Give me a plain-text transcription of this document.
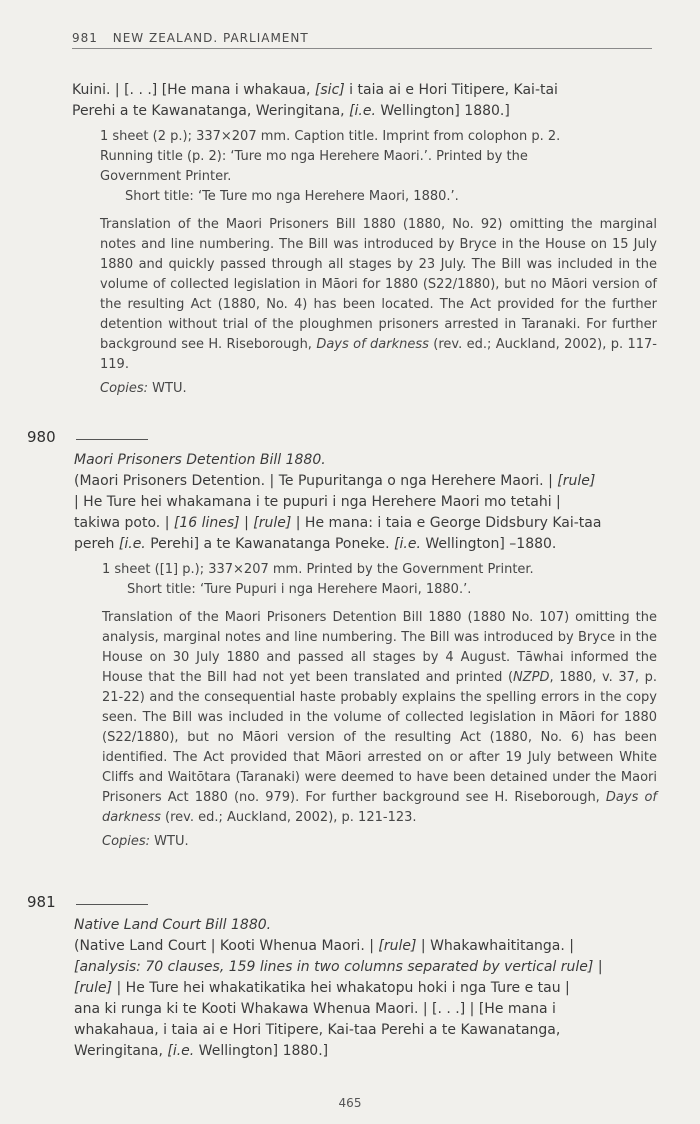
981 NEW ZEALAND. PARLIAMENT
Kuini. | [. . .] [He mana i whakaua, [sic] i taia ai e Hori Titipere, Kai-tai
Perehi a te Kawanatanga, Weringitana, [i.e. Wellington] 1880.]

1 sheet (2 p.); 337×207 mm. Caption title. Imprint from colophon p. 2.

Running title (p. 2): ‘Ture mo nga Herehere Maori.’. Printed by the

Government Printer.

Short title: ‘Te Ture mo nga Herehere Maori, 1880.’.

Translation of the Maori Prisoners Bill 1880 (1880, No. 92) omitting the marginal notes and line numbering. The Bill was introduced by Bryce in the House on 15 July 1880 and quickly passed through all stages by 23 July. The Bill was included in the volume of collected legislation in Māori for 1880 (S22/1880), but no Māori version of the resulting Act (1880, No. 4) has been located. The Act provided for the further detention without trial of the ploughmen prisoners arrested in Taranaki. For further background see H. Riseborough, Days of darkness (rev. ed.; Auckland, 2002), p. 117-119.
Copies: WTU.
980
Maori Prisoners Detention Bill 1880.
(Maori Prisoners Detention. | Te Pupuritanga o nga Herehere Maori. | [rule]
| He Ture hei whakamana i te pupuri i nga Herehere Maori mo tetahi |
takiwa poto. | [16 lines] | [rule] | He mana: i taia e George Didsbury Kai-taa
pereh [i.e. Perehi] a te Kawanatanga Poneke. [i.e. Wellington] –1880.

1 sheet ([1] p.); 337×207 mm. Printed by the Government Printer.

Short title: ‘Ture Pupuri i nga Herehere Maori, 1880.’.

Translation of the Maori Prisoners Detention Bill 1880 (1880 No. 107) omitting the analysis, marginal notes and line numbering. The Bill was introduced by Bryce in the House on 30 July 1880 and passed all stages by 4 August. Tāwhai informed the House that the Bill had not yet been translated and printed (NZPD, 1880, v. 37, p. 21-22) and the consequential haste probably explains the spelling errors in the copy seen. The Bill was included in the volume of collected legislation in Māori for 1880 (S22/1880), but no Māori version of the resulting Act (1880, No. 6) has been identified. The Act provided that Māori arrested on or after 19 July between White Cliffs and Waitōtara (Taranaki) were deemed to have been detained under the Maori Prisoners Act 1880 (no. 979). For further background see H. Riseborough, Days of darkness (rev. ed.; Auckland, 2002), p. 121-123.
Copies: WTU.
981
Native Land Court Bill 1880.
(Native Land Court | Kooti Whenua Maori. | [rule] | Whakawhaititanga. |
[analysis: 70 clauses, 159 lines in two columns separated by vertical rule] |
[rule] | He Ture hei whakatikatika hei whakatopu hoki i nga Ture e tau |
ana ki runga ki te Kooti Whakawa Whenua Maori. | [. . .] | [He mana i
whakahaua, i taia ai e Hori Titipere, Kai-taa Perehi a te Kawanatanga,
Weringitana, [i.e. Wellington] 1880.]
465
